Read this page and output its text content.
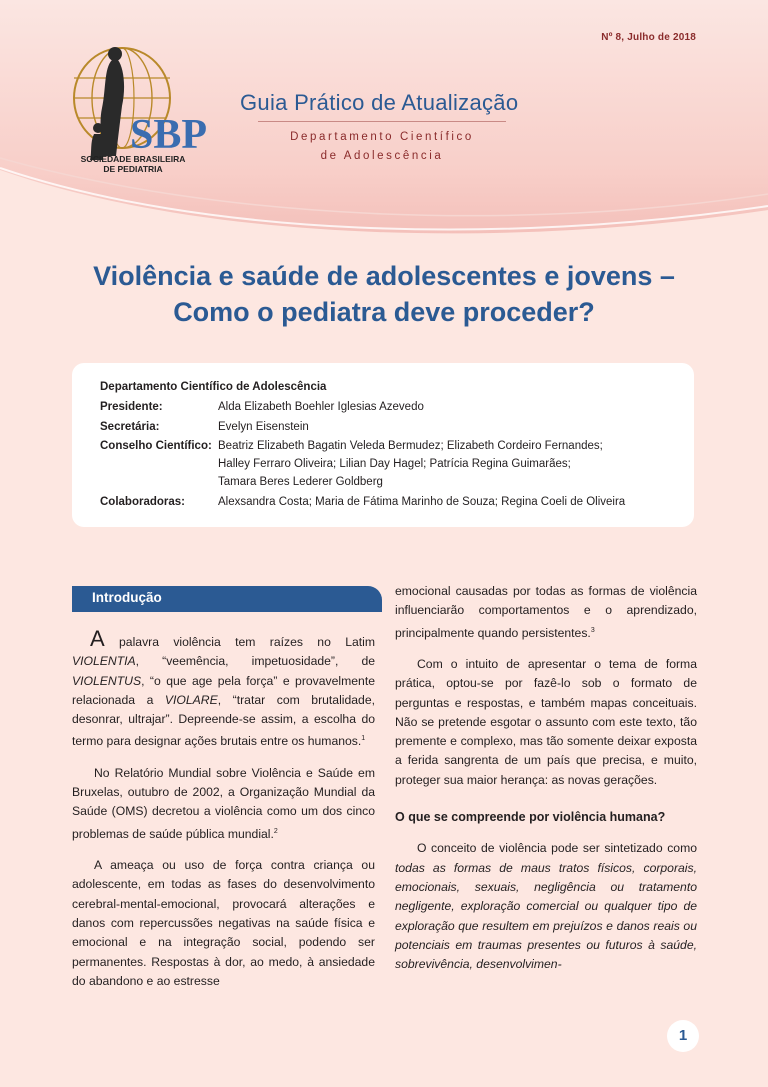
Nº 8, Julho de 2018
SBP
SOCIEDADE BRASILEIRA
DE PEDIATRIA
Guia Prático de Atualização
Departamento Científico
de Adolescência
Violência e saúde de adolescentes e jovens –
Como o pediatra deve proceder?
Departamento Científico de Adolescência
Presidente:	Alda Elizabeth Boehler Iglesias Azevedo
Secretária:	Evelyn Eisenstein
Conselho Científico: Beatriz Elizabeth Bagatin Veleda Bermudez; Elizabeth Cordeiro Fernandes;
Halley Ferraro Oliveira; Lilian Day Hagel; Patrícia Regina Guimarães;
Tamara Beres Lederer Goldberg
Colaboradoras:	Alexsandra Costa; Maria de Fátima Marinho de Souza; Regina Coeli de Oliveira
Introdução

A palavra violência tem raízes no Latim VIOLENTIA, “veemência, impetuosidade”, de VIOLENTUS, “o que age pela força” e provavelmente relacionada a VIOLARE, “tratar com brutalidade, desonrar, ultrajar”. Depreende-se assim, a escolha do termo para designar ações brutais entre os humanos.$^1$

No Relatório Mundial sobre Violência e Saúde em Bruxelas, outubro de 2002, a Organização Mundial da Saúde (OMS) decretou a violência como um dos cinco problemas de saúde pública mundial.$^2$

A ameaça ou uso de força contra criança ou adolescente, em todas as fases do desenvolvimento cerebral-mental-emocional, provocará alterações e danos com repercussões negativas na saúde física e emocional e na integração social, podendo ser permanentes. Respostas à dor, ao medo, à ansiedade do abandono e ao estresse

emocional causadas por todas as formas de violência influenciarão comportamentos e o aprendizado, principalmente quando persistentes.$^3$

Com o intuito de apresentar o tema de forma prática, optou-se por fazê-lo sob o formato de perguntas e respostas, e também mapas conceituais. Não se pretende esgotar o assunto com este texto, tão premente e complexo, mas tão somente deixar exposta a ferida sangrenta de um país que precisa, e muito, proteger sua maior herança: as novas gerações.

O que se compreende por violência humana?

O conceito de violência pode ser sintetizado como todas as formas de maus tratos físicos, corporais, emocionais, sexuais, negligência ou tratamento negligente, exploração comercial ou qualquer tipo de exploração que resultem em prejuízos e danos reais ou potenciais em traumas presentes ou futuros à saúde, sobrevivência, desenvolvimen-

1
